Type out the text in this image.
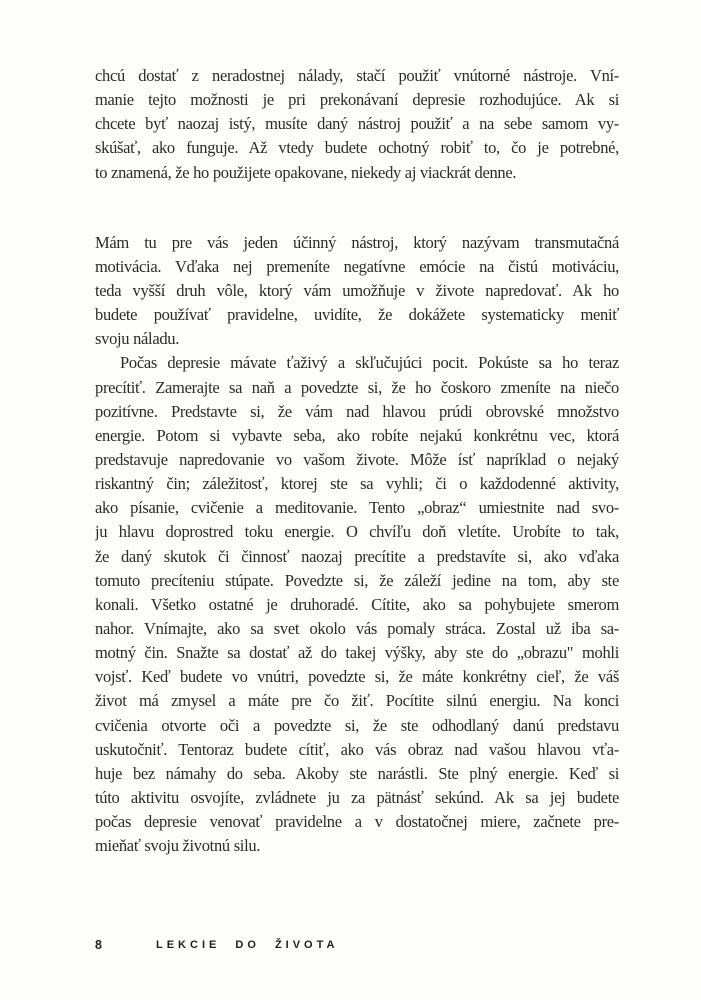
chcú dostať z neradostnej nálady, stačí použiť vnútorné nástroje. Vní-
manie tejto možnosti je pri prekonávaní depresie rozhodujúce. Ak si
chcete byť naozaj istý, musíte daný nástroj použiť a na sebe samom vy-
skúšať, ako funguje. Až vtedy budete ochotný robiť to, čo je potrebné,
to znamená, že ho použijete opakovane, niekedy aj viackrát denne.
Mám tu pre vás jeden účinný nástroj, ktorý nazývam transmutačná
motivácia. Vďaka nej premeníte negatívne emócie na čistú motiváciu,
teda vyšší druh vôle, ktorý vám umožňuje v živote napredovať. Ak ho
budete používať pravidelne, uvidíte, že dokážete systematicky meniť
svoju náladu.
Počas depresie mávate ťaživý a skľučujúci pocit. Pokúste sa ho teraz
precítiť. Zamerajte sa naň a povedzte si, že ho čoskoro zmeníte na niečo
pozitívne. Predstavte si, že vám nad hlavou prúdi obrovské množstvo
energie. Potom si vybavte seba, ako robíte nejakú konkrétnu vec, ktorá
predstavuje napredovanie vo vašom živote. Môže ísť napríklad o nejaký
riskantný čin; záležitosť, ktorej ste sa vyhli; či o každodenné aktivity,
ako písanie, cvičenie a meditovanie. Tento „obraz“ umiestnite nad svo-
ju hlavu doprostred toku energie. O chvíľu doň vletíte. Urobíte to tak,
že daný skutok či činnosť naozaj precítite a predstavíte si, ako vďaka
tomuto precíteniu stúpate. Povedzte si, že záleží jedine na tom, aby ste
konali. Všetko ostatné je druhoradé. Cítite, ako sa pohybujete smerom
nahor. Vnímajte, ako sa svet okolo vás pomaly stráca. Zostal už iba sa-
motný čin. Snažte sa dostať až do takej výšky, aby ste do „obrazu" mohli
vojsť. Keď budete vo vnútri, povedzte si, že máte konkrétny cieľ, že váš
život má zmysel a máte pre čo žiť. Pocítite silnú energiu. Na konci
cvičenia otvorte oči a povedzte si, že ste odhodlaný danú predstavu
uskutočniť. Tentoraz budete cítiť, ako vás obraz nad vašou hlavou vťa-
huje bez námahy do seba. Akoby ste narástli. Ste plný energie. Keď si
túto aktivitu osvojíte, zvládnete ju za pätnásť sekúnd. Ak sa jej budete
počas depresie venovať pravidelne a v dostatočnej miere, začnete pre-
mieňať svoju životnú silu.
8	LEKCIE DO ŽIVOTA
